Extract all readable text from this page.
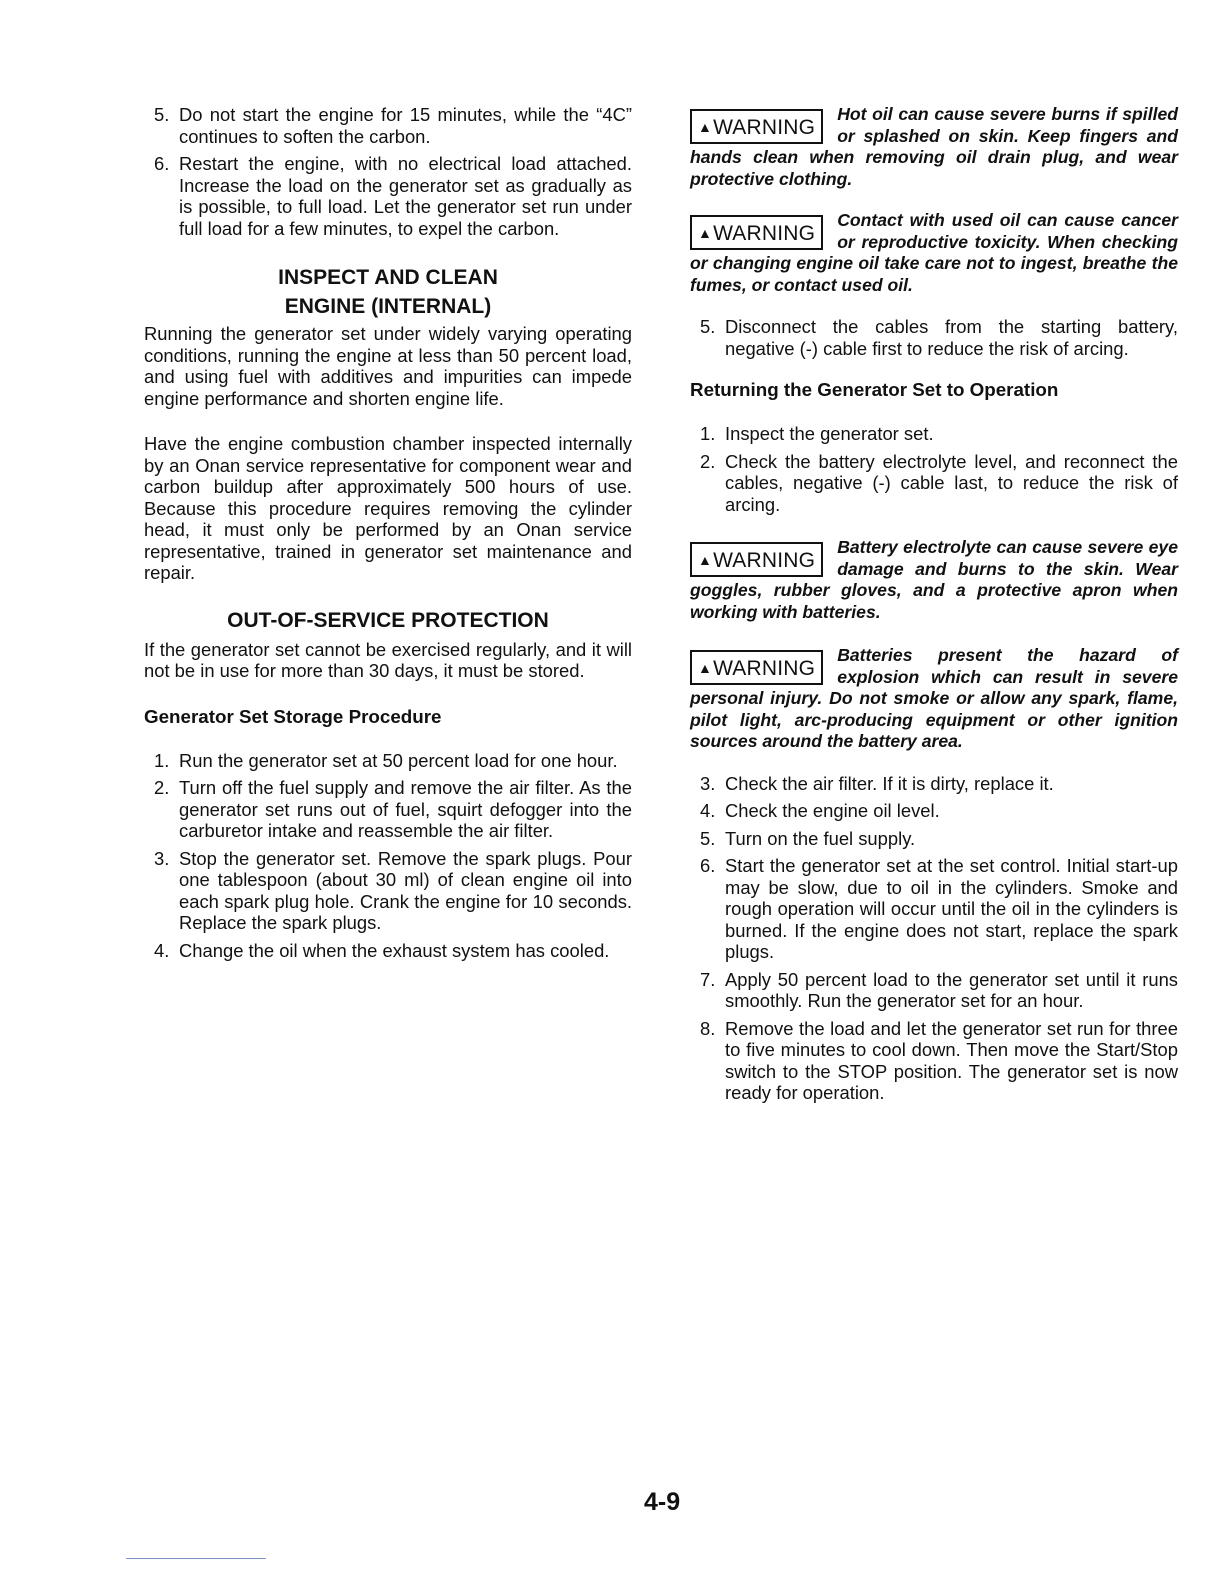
5. Do not start the engine for 15 minutes, while the “4C” continues to soften the carbon.
6. Restart the engine, with no electrical load attached. Increase the load on the generator set as gradually as is possible, to full load. Let the generator set run under full load for a few minutes, to expel the carbon.
INSPECT AND CLEAN
ENGINE (INTERNAL)

Running the generator set under widely varying operating conditions, running the engine at less than 50 percent load, and using fuel with additives and impurities can impede engine performance and shorten engine life.

Have the engine combustion chamber inspected internally by an Onan service representative for component wear and carbon buildup after approximately 500 hours of use. Because this procedure requires removing the cylinder head, it must only be performed by an Onan service representative, trained in generator set maintenance and repair.

OUT-OF-SERVICE PROTECTION

If the generator set cannot be exercised regularly, and it will not be in use for more than 30 days, it must be stored.

Generator Set Storage Procedure
1. Run the generator set at 50 percent load for one hour.
2. Turn off the fuel supply and remove the air filter. As the generator set runs out of fuel, squirt defogger into the carburetor intake and reassemble the air filter.
3. Stop the generator set. Remove the spark plugs. Pour one tablespoon (about 30 ml) of clean engine oil into each spark plug hole. Crank the engine for 10 seconds. Replace the spark plugs.
4. Change the oil when the exhaust system has cooled.
▲WARNING
Hot oil can cause severe burns if spilled or splashed on skin. Keep fingers and hands clean when removing oil drain plug, and wear protective clothing.
▲WARNING
Contact with used oil can cause cancer or reproductive toxicity. When checking or changing engine oil take care not to ingest, breathe the fumes, or contact used oil.
5. Disconnect the cables from the starting battery, negative (-) cable first to reduce the risk of arcing.
Returning the Generator Set to Operation
1. Inspect the generator set.
2. Check the battery electrolyte level, and reconnect the cables, negative (-) cable last, to reduce the risk of arcing.
▲WARNING
Battery electrolyte can cause severe eye damage and burns to the skin. Wear goggles, rubber gloves, and a protective apron when working with batteries.
▲WARNING
Batteries present the hazard of explosion which can result in severe personal injury. Do not smoke or allow any spark, flame, pilot light, arc-producing equipment or other ignition sources around the battery area.
3. Check the air filter. If it is dirty, replace it.
4. Check the engine oil level.
5. Turn on the fuel supply.
6. Start the generator set at the set control. Initial start-up may be slow, due to oil in the cylinders. Smoke and rough operation will occur until the oil in the cylinders is burned. If the engine does not start, replace the spark plugs.
7. Apply 50 percent load to the generator set until it runs smoothly. Run the generator set for an hour.
8. Remove the load and let the generator set run for three to five minutes to cool down. Then move the Start/Stop switch to the STOP position. The generator set is now ready for operation.
4-9
